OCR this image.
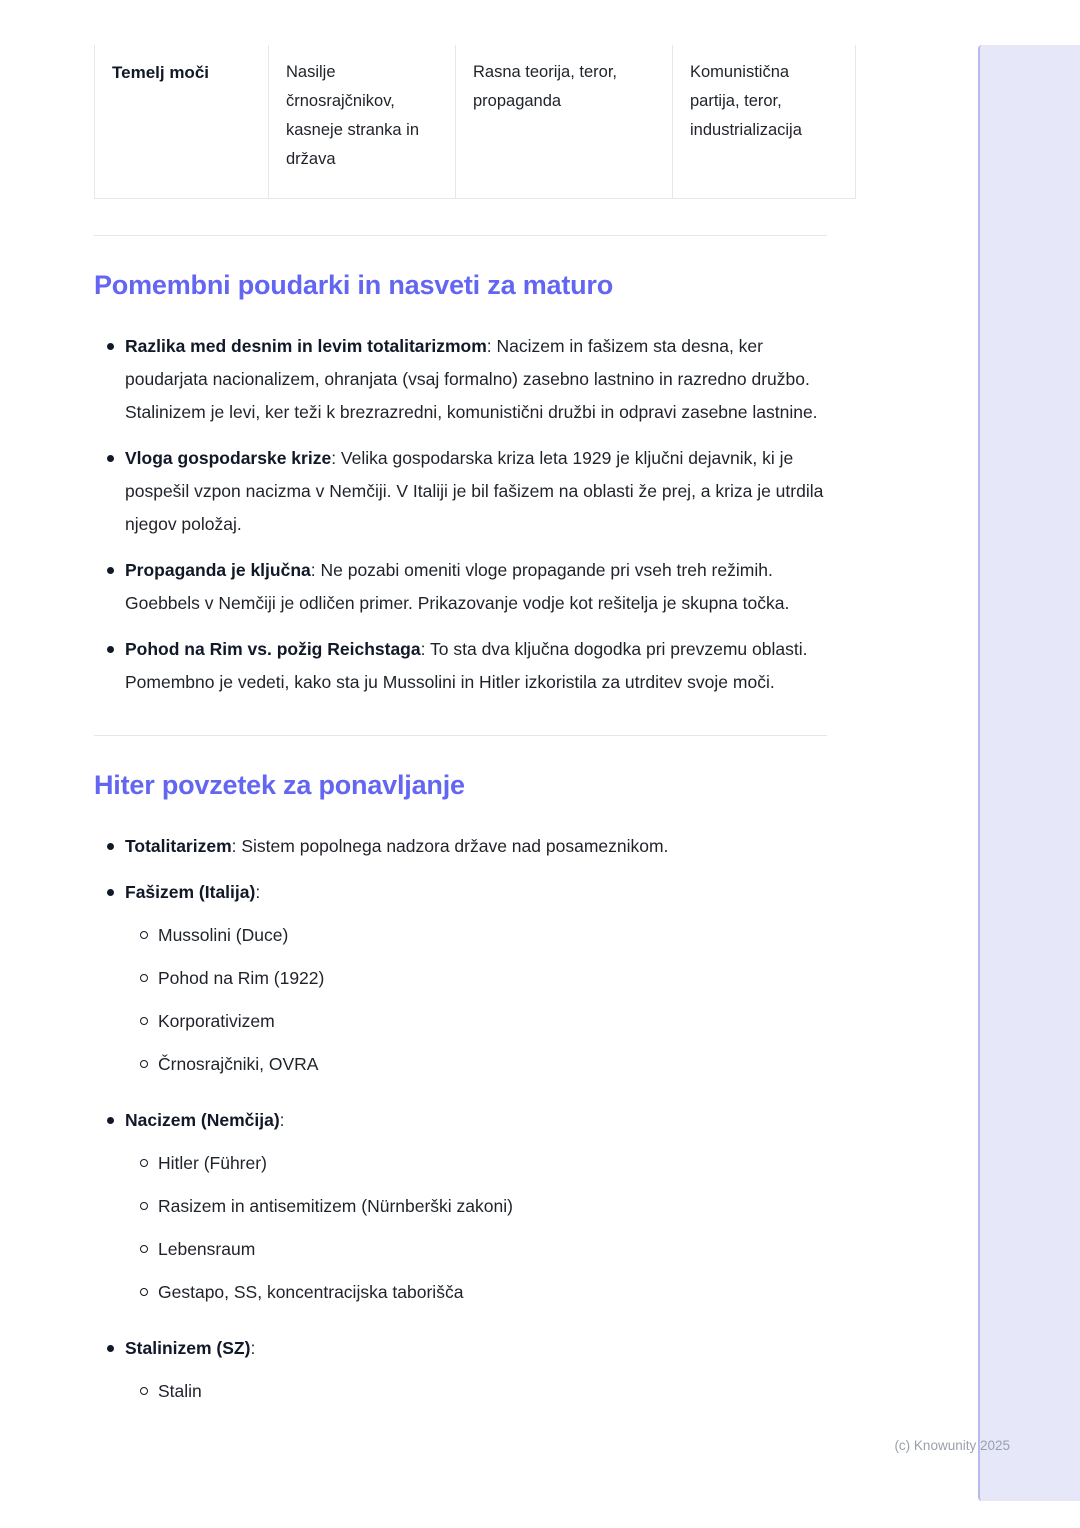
Temelj moči	Nasilje črnosrajčnikov, kasneje stranka in država	Rasna teorija, teror, propaganda	Komunistična partija, teror, industrializacija
Pomembni poudarki in nasveti za maturo

Razlika med desnim in levim totalitarizmom: Nacizem in fašizem sta desna, ker poudarjata nacionalizem, ohranjata (vsaj formalno) zasebno lastnino in razredno družbo. Stalinizem je levi, ker teži k brezrazredni, komunistični družbi in odpravi zasebne lastnine.

Vloga gospodarske krize: Velika gospodarska kriza leta 1929 je ključni dejavnik, ki je pospešil vzpon nacizma v Nemčiji. V Italiji je bil fašizem na oblasti že prej, a kriza je utrdila njegov položaj.

Propaganda je ključna: Ne pozabi omeniti vloge propagande pri vseh treh režimih. Goebbels v Nemčiji je odličen primer. Prikazovanje vodje kot rešitelja je skupna točka.

Pohod na Rim vs. požig Reichstaga: To sta dva ključna dogodka pri prevzemu oblasti. Pomembno je vedeti, kako sta ju Mussolini in Hitler izkoristila za utrditev svoje moči.

Hiter povzetek za ponavljanje
Totalitarizem: Sistem popolnega nadzora države nad posameznikom.
Fašizem (Italija):
Mussolini (Duce)
Pohod na Rim (1922)
Korporativizem
Črnosrajčniki, OVRA
Nacizem (Nemčija):
Hitler (Führer)
Rasizem in antisemitizem (Nürnberški zakoni)
Lebensraum
Gestapo, SS, koncentracijska taborišča
Stalinizem (SZ):
Stalin
(c) Knowunity 2025
